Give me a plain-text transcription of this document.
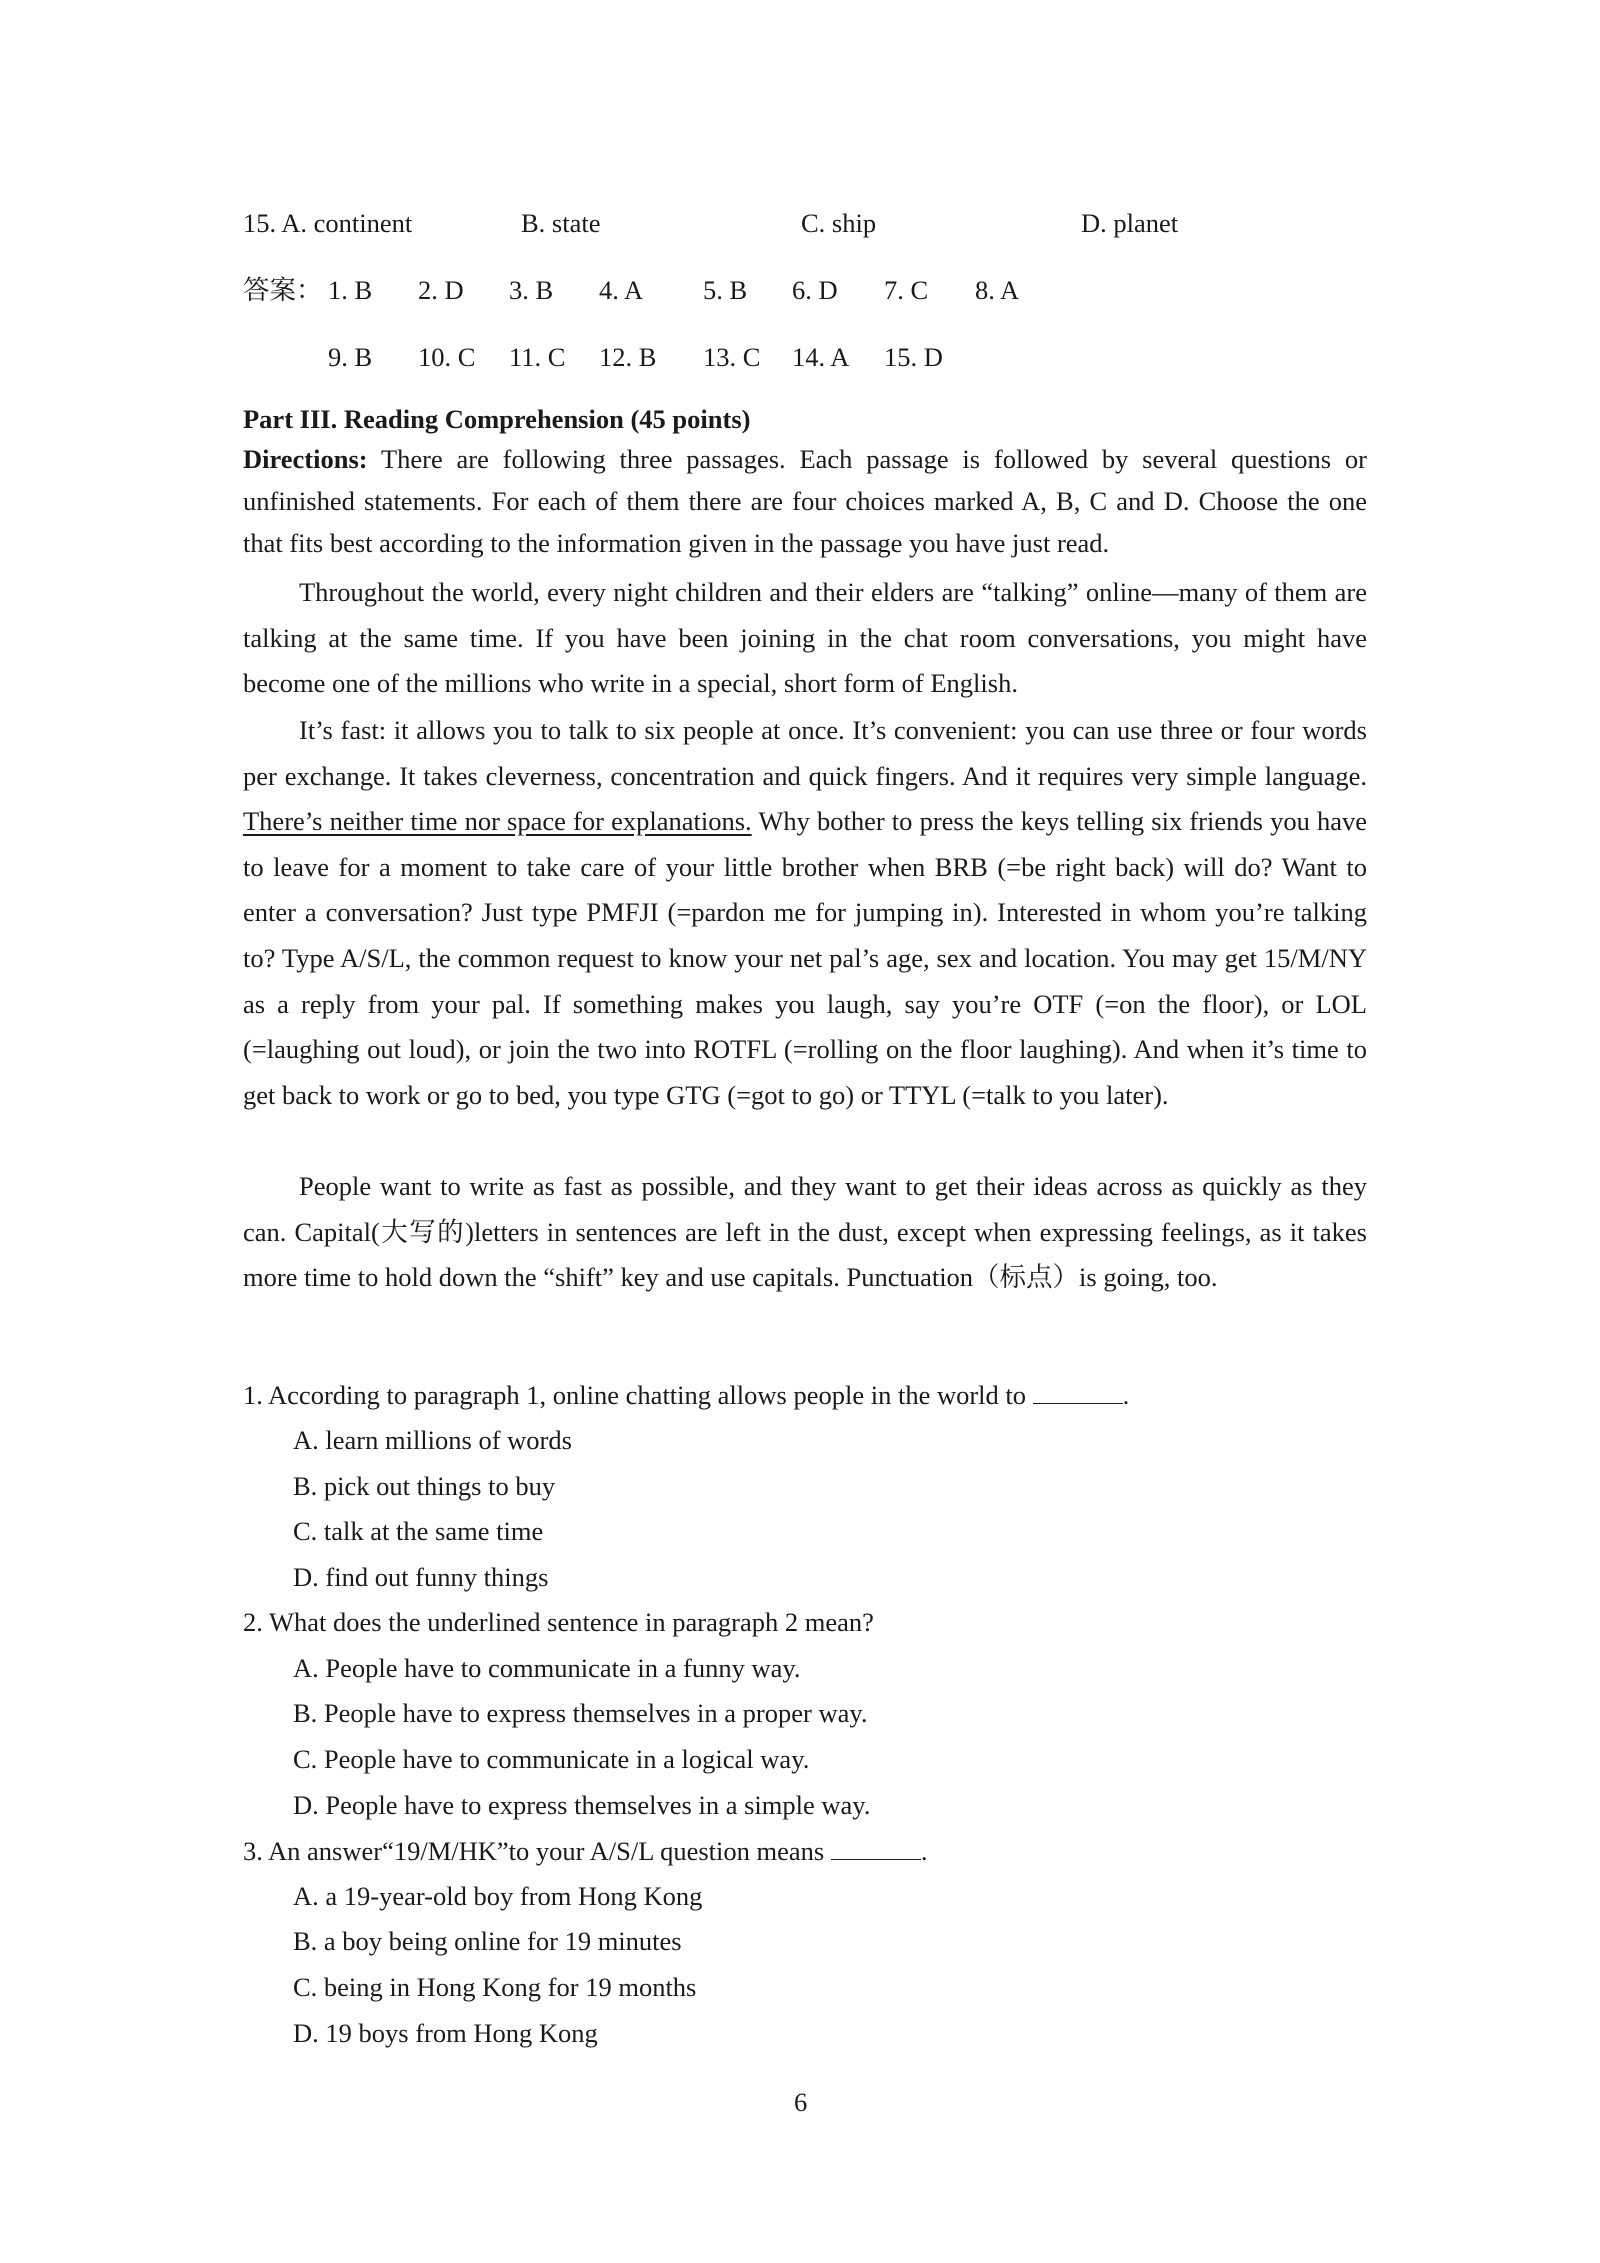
15. A. continent	B. state	C. ship	D. planet
答案： 1. B 2. D 3. B 4. A 5. B 6. D 7. C 8. A
9. B 10. C 11. C 12. B 13. C 14. A 15. D
Part III. Reading Comprehension (45 points)
Directions: There are following three passages. Each passage is followed by several questions or unfinished statements. For each of them there are four choices marked A, B, C and D. Choose the one that fits best according to the information given in the passage you have just read.
Throughout the world, every night children and their elders are “talking” online—many of them are talking at the same time. If you have been joining in the chat room conversations, you might have become one of the millions who write in a special, short form of English.
It’s fast: it allows you to talk to six people at once. It’s convenient: you can use three or four words per exchange. It takes cleverness, concentration and quick fingers. And it requires very simple language. There’s neither time nor space for explanations. Why bother to press the keys telling six friends you have to leave for a moment to take care of your little brother when BRB (=be right back) will do? Want to enter a conversation? Just type PMFJI (=pardon me for jumping in). Interested in whom you’re talking to? Type A/S/L, the common request to know your net pal’s age, sex and location. You may get 15/M/NY as a reply from your pal. If something makes you laugh, say you’re OTF (=on the floor), or LOL (=laughing out loud), or join the two into ROTFL (=rolling on the floor laughing). And when it’s time to get back to work or go to bed, you type GTG (=got to go) or TTYL (=talk to you later).
People want to write as fast as possible, and they want to get their ideas across as quickly as they can. Capital(大写的)letters in sentences are left in the dust, except when expressing feelings, as it takes more time to hold down the “shift” key and use capitals. Punctuation（标点）is going, too.
1. According to paragraph 1, online chatting allows people in the world to	.
A. learn millions of words
B. pick out things to buy
C. talk at the same time
D. find out funny things
2. What does the underlined sentence in paragraph 2 mean?
A. People have to communicate in a funny way.
B. People have to express themselves in a proper way.
C. People have to communicate in a logical way.
D. People have to express themselves in a simple way.
3. An answer“19/M/HK”to your A/S/L question means	.
A. a 19-year-old boy from Hong Kong
B. a boy being online for 19 minutes
C. being in Hong Kong for 19 months
D. 19 boys from Hong Kong
6
